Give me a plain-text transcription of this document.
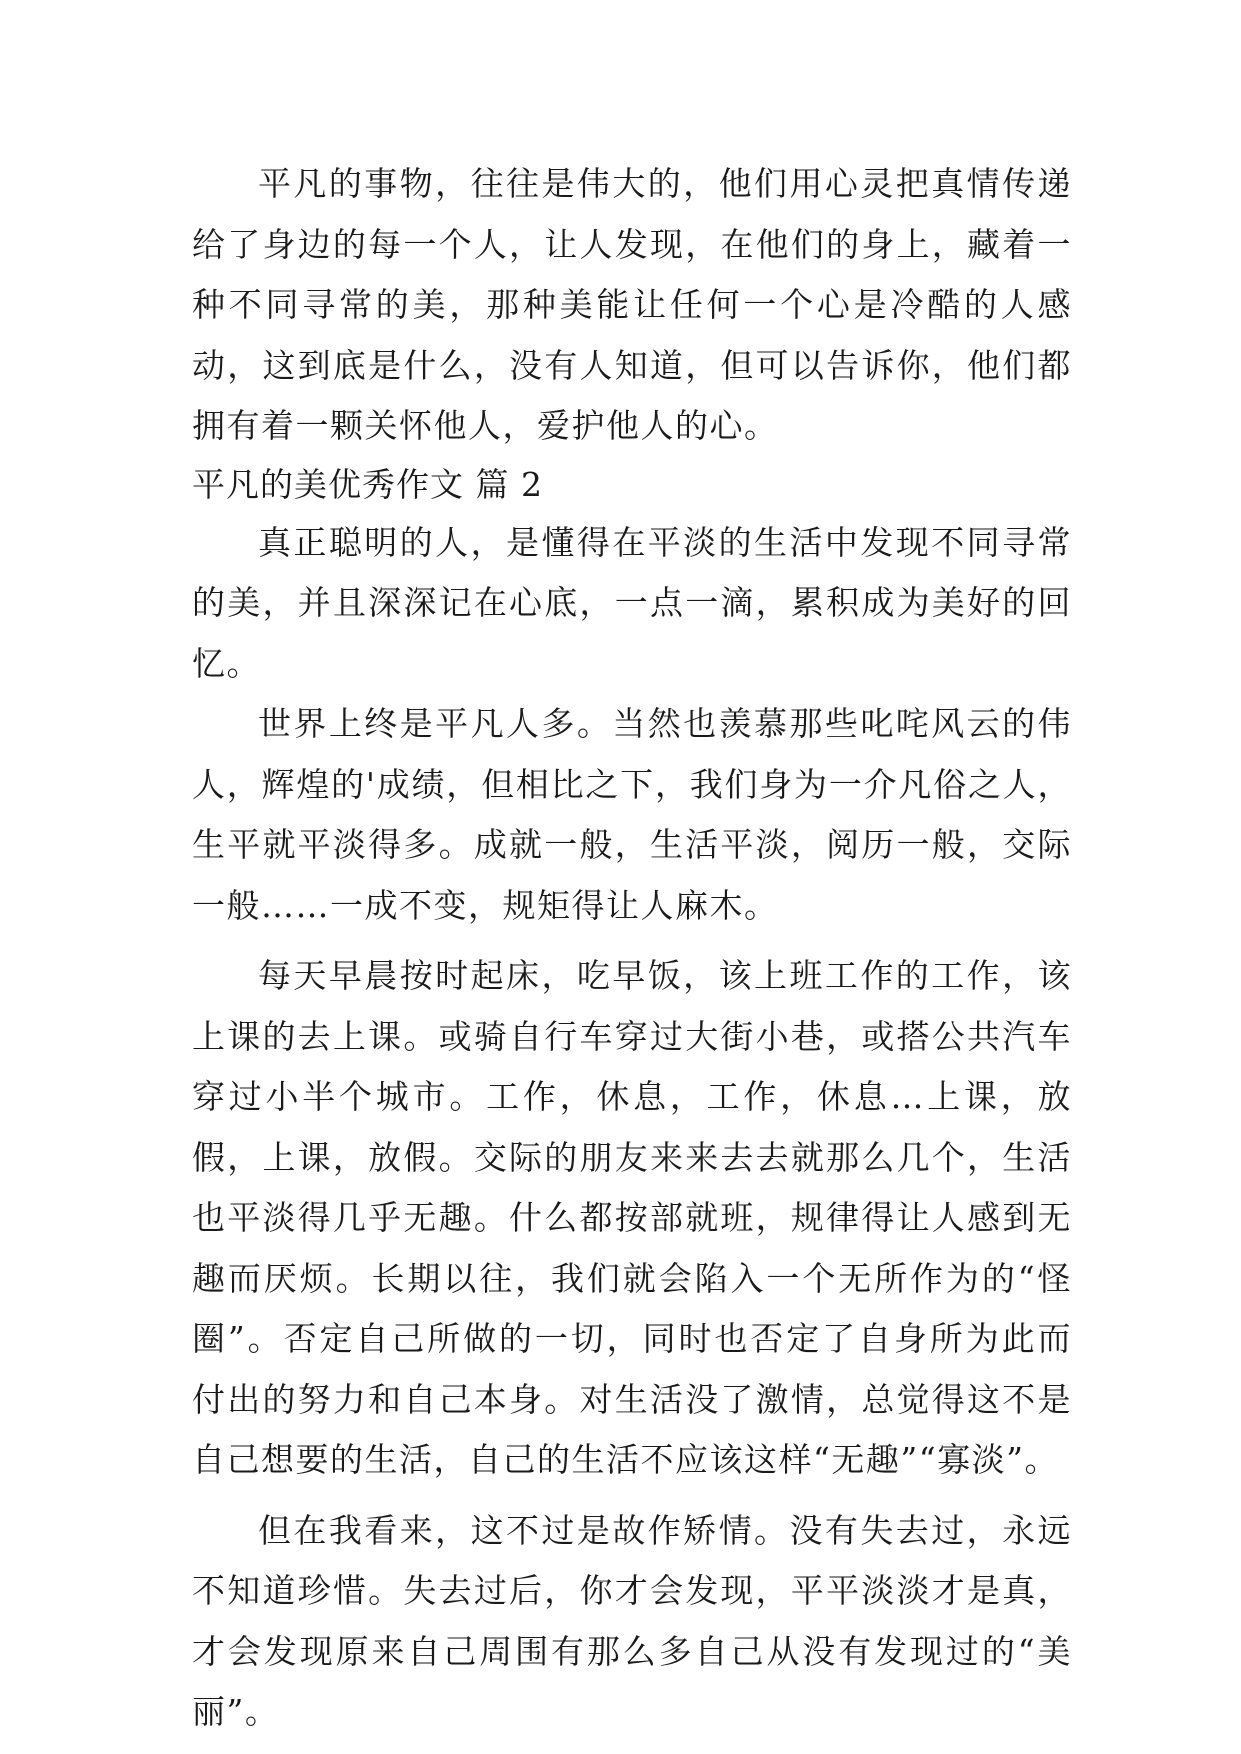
平凡的事物，往往是伟大的，他们用心灵把真情传递给了身边的每一个人，让人发现，在他们的身上，藏着一种不同寻常的美，那种美能让任何一个心是冷酷的人感动，这到底是什么，没有人知道，但可以告诉你，他们都拥有着一颗关怀他人，爱护他人的心。

平凡的美优秀作文 篇 2

真正聪明的人，是懂得在平淡的生活中发现不同寻常的美，并且深深记在心底，一点一滴，累积成为美好的回忆。

世界上终是平凡人多。当然也羡慕那些叱咤风云的伟人，辉煌的'成绩，但相比之下，我们身为一介凡俗之人，生平就平淡得多。成就一般，生活平淡，阅历一般，交际一般……一成不变，规矩得让人麻木。

每天早晨按时起床，吃早饭，该上班工作的工作，该上课的去上课。或骑自行车穿过大街小巷，或搭公共汽车穿过小半个城市。工作，休息，工作，休息…上课，放假，上课，放假。交际的朋友来来去去就那么几个，生活也平淡得几乎无趣。什么都按部就班，规律得让人感到无趣而厌烦。长期以往，我们就会陷入一个无所作为的“怪圈”。否定自己所做的一切，同时也否定了自身所为此而付出的努力和自己本身。对生活没了激情，总觉得这不是自己想要的生活，自己的生活不应该这样“无趣”“寡淡”。

但在我看来，这不过是故作矫情。没有失去过，永远不知道珍惜。失去过后，你才会发现，平平淡淡才是真，才会发现原来自己周围有那么多自己从没有发现过的“美丽”。
